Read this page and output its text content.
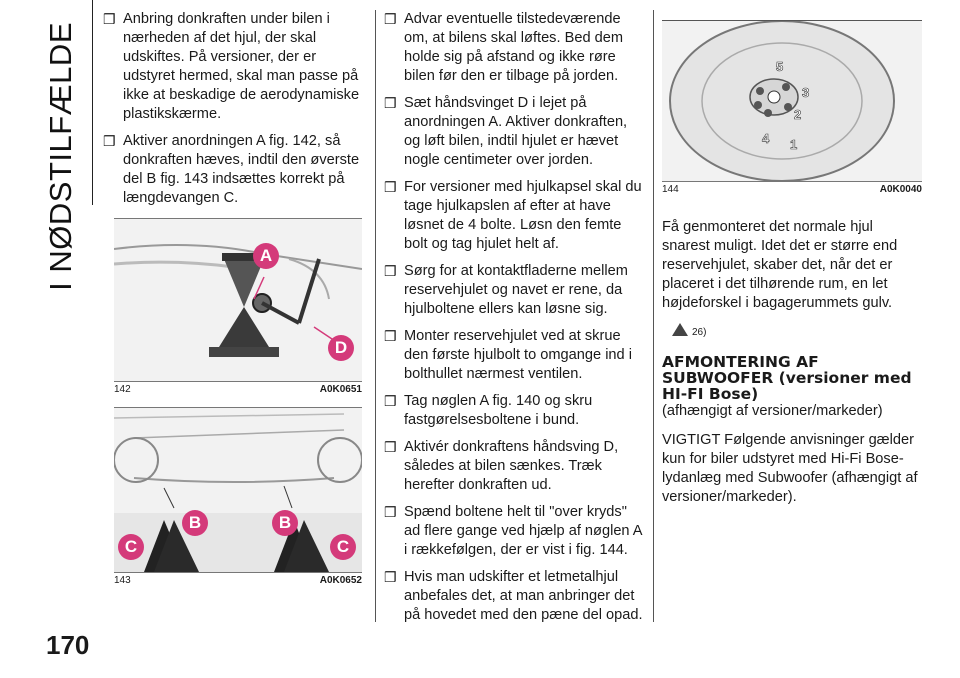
I NØDSTILFÆLDE
170
❒ Anbring donkraften under bilen i nærheden af det hjul, der skal udskiftes. På versioner, der er udstyret hermed, skal man passe på ikke at beskadige de aerodynamiske plastikskærme.
❒ Aktiver anordningen A fig. 142, så donkraften hæves, indtil den øverste del B fig. 143 indsættes korrekt på længdevangen C.
A
D
142	A0K0651
B
C
B
C
143	A0K0652
❒ Advar eventuelle tilstedeværende om, at bilens skal løftes. Bed dem holde sig på afstand og ikke røre bilen før den er tilbage på jorden.
❒ Sæt håndsvinget D i lejet på anordningen A. Aktiver donkraften, og løft bilen, indtil hjulet er hævet nogle centimeter over jorden.
❒ For versioner med hjulkapsel skal du tage hjulkapslen af efter at have løsnet de 4 bolte. Løsn den femte bolt og tag hjulet helt af.
❒ Sørg for at kontaktfladerne mellem reservehjulet og navet er rene, da hjulboltene ellers kan løsne sig.
❒ Monter reservehjulet ved at skrue den første hjulbolt to omgange ind i bolthullet nærmest ventilen.
❒ Tag nøglen A fig. 140 og skru fastgørelsesboltene i bund.
❒ Aktivér donkraftens håndsving D, således at bilen sænkes. Træk herefter donkraften ud.
❒ Spænd boltene helt til "over kryds" ad flere gange ved hjælp af nøglen A i rækkefølgen, der er vist i fig. 144.
❒ Hvis man udskifter et letmetalhjul anbefales det, at man anbringer det på hovedet med den pæne del opad.
1
2
3
4
5
144	A0K0040

Få genmonteret det normale hjul snarest muligt. Idet det er større end reservehjulet, skaber det, når det er placeret i det tilhørende rum, en let højdeforskel i bagagerummets gulv.

26)

AFMONTERING AF SUBWOOFER (versioner med HI-FI Bose)

(afhængigt af versioner/markeder)

VIGTIGT Følgende anvisninger gælder kun for biler udstyret med Hi-Fi Bose-lydanlæg med Subwoofer (afhængigt af versioner/markeder).
